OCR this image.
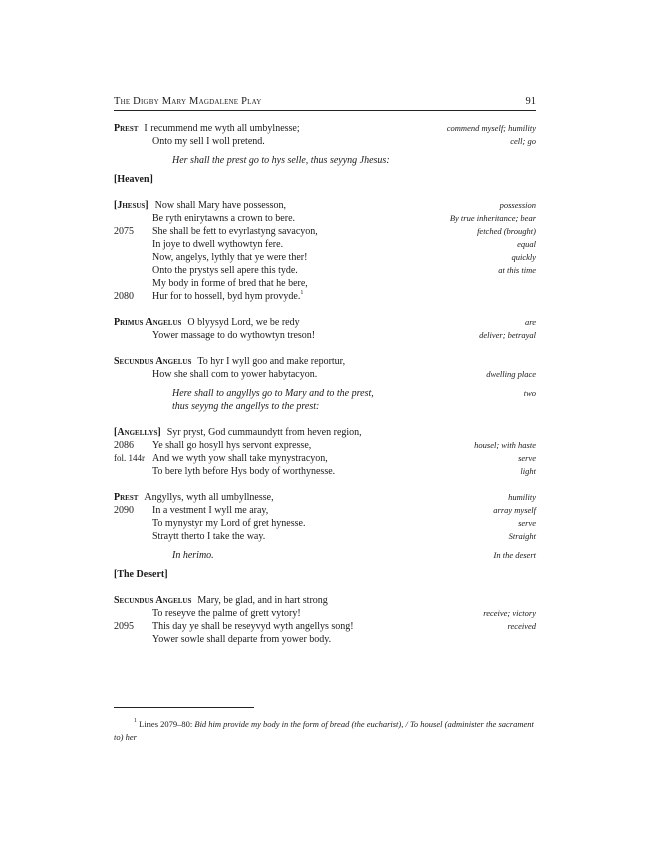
The Digby Mary Magdalene Play	91
Prest I recummend me wyth all umbylnesse;	commend myself; humility
Onto my sell I woll pretend.	cell; go
Her shall the prest go to hys selle, thus seyyng Jhesus:
[Heaven]
[Jhesus] Now shall Mary have possesson,	possession
Be ryth enirytawns a crown to bere.	By true inheritance; bear
2075 She shall be fett to evyrlastyng savacyon,	fetched (brought)
In joye to dwell wythowtyn fere.	equal
Now, angelys, lythly that ye were ther!	quickly
Onto the prystys sell apere this tyde.	at this time
My body in forme of bred that he bere,
2080 Hur for to hossell, byd hym provyde.$^1$
Primus Angelus O blyysyd Lord, we be redy	are
Yower massage to do wythowtyn treson!	deliver; betrayal
Secundus Angelus To hyr I wyll goo and make reportur,
How she shall com to yower habytacyon.	dwelling place
Here shall to angyllys go to Mary and to the prest,	two
thus seyyng the angellys to the prest:
[Angellys] Syr pryst, God cummaundytt from heven region,
2086 Ye shall go hosyll hys servont expresse,	housel; with haste
fol. 144r And we wyth yow shall take mynystracyon,	serve
To bere lyth before Hys body of worthynesse.	light
Prest Angyllys, wyth all umbyllnesse,	humility
2090 In a vestment I wyll me aray,	array myself
To mynystyr my Lord of gret hynesse.	serve
Straytt therto I take the way.	Straight
In herimo.	In the desert
[The Desert]
Secundus Angelus Mary, be glad, and in hart strong
To reseyve the palme of grett vytory!	receive; victory
2095 This day ye shall be reseyvyd wyth angellys song!	received
Yower sowle shall departe from yower body.
$^1$ Lines 2079–80: Bid him provide my body in the form of bread (the eucharist), / To housel (administer the sacrament to) her
